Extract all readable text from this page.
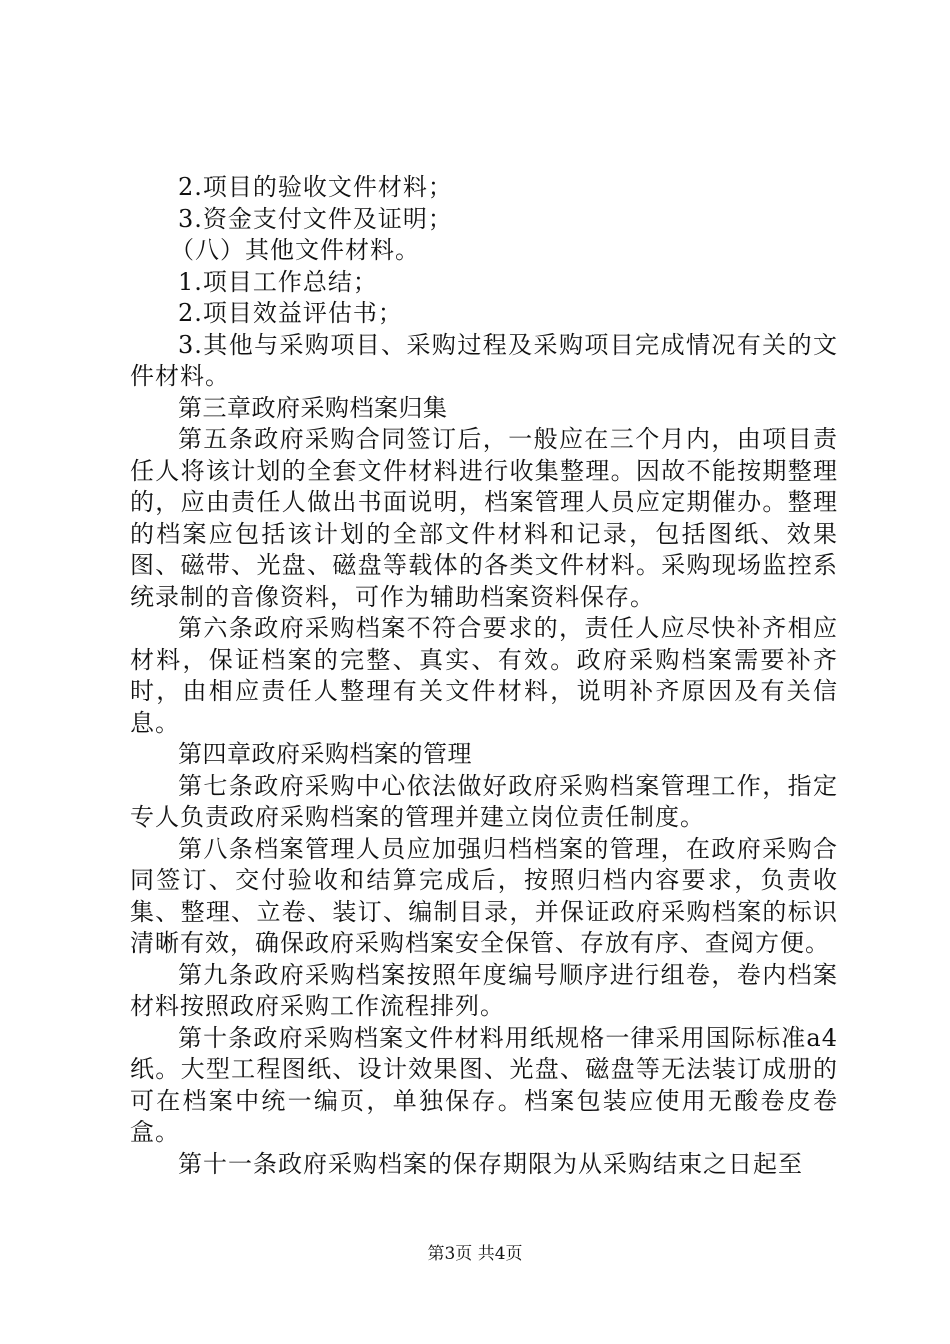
2.项目的验收文件材料；

3.资金支付文件及证明；

（八）其他文件材料。

1.项目工作总结；

2.项目效益评估书；

3.其他与采购项目、采购过程及采购项目完成情况有关的文件材料。

第三章政府采购档案归集

第五条政府采购合同签订后，一般应在三个月内，由项目责任人将该计划的全套文件材料进行收集整理。因故不能按期整理的，应由责任人做出书面说明，档案管理人员应定期催办。整理的档案应包括该计划的全部文件材料和记录，包括图纸、效果图、磁带、光盘、磁盘等载体的各类文件材料。采购现场监控系统录制的音像资料，可作为辅助档案资料保存。

第六条政府采购档案不符合要求的，责任人应尽快补齐相应材料，保证档案的完整、真实、有效。政府采购档案需要补齐时，由相应责任人整理有关文件材料，说明补齐原因及有关信息。

第四章政府采购档案的管理

第七条政府采购中心依法做好政府采购档案管理工作，指定专人负责政府采购档案的管理并建立岗位责任制度。

第八条档案管理人员应加强归档档案的管理，在政府采购合同签订、交付验收和结算完成后，按照归档内容要求，负责收集、整理、立卷、装订、编制目录，并保证政府采购档案的标识清晰有效，确保政府采购档案安全保管、存放有序、查阅方便。

第九条政府采购档案按照年度编号顺序进行组卷，卷内档案材料按照政府采购工作流程排列。

第十条政府采购档案文件材料用纸规格一律采用国际标准a4纸。大型工程图纸、设计效果图、光盘、磁盘等无法装订成册的可在档案中统一编页，单独保存。档案包装应使用无酸卷皮卷盒。

第十一条政府采购档案的保存期限为从采购结束之日起至

第3页 共4页
